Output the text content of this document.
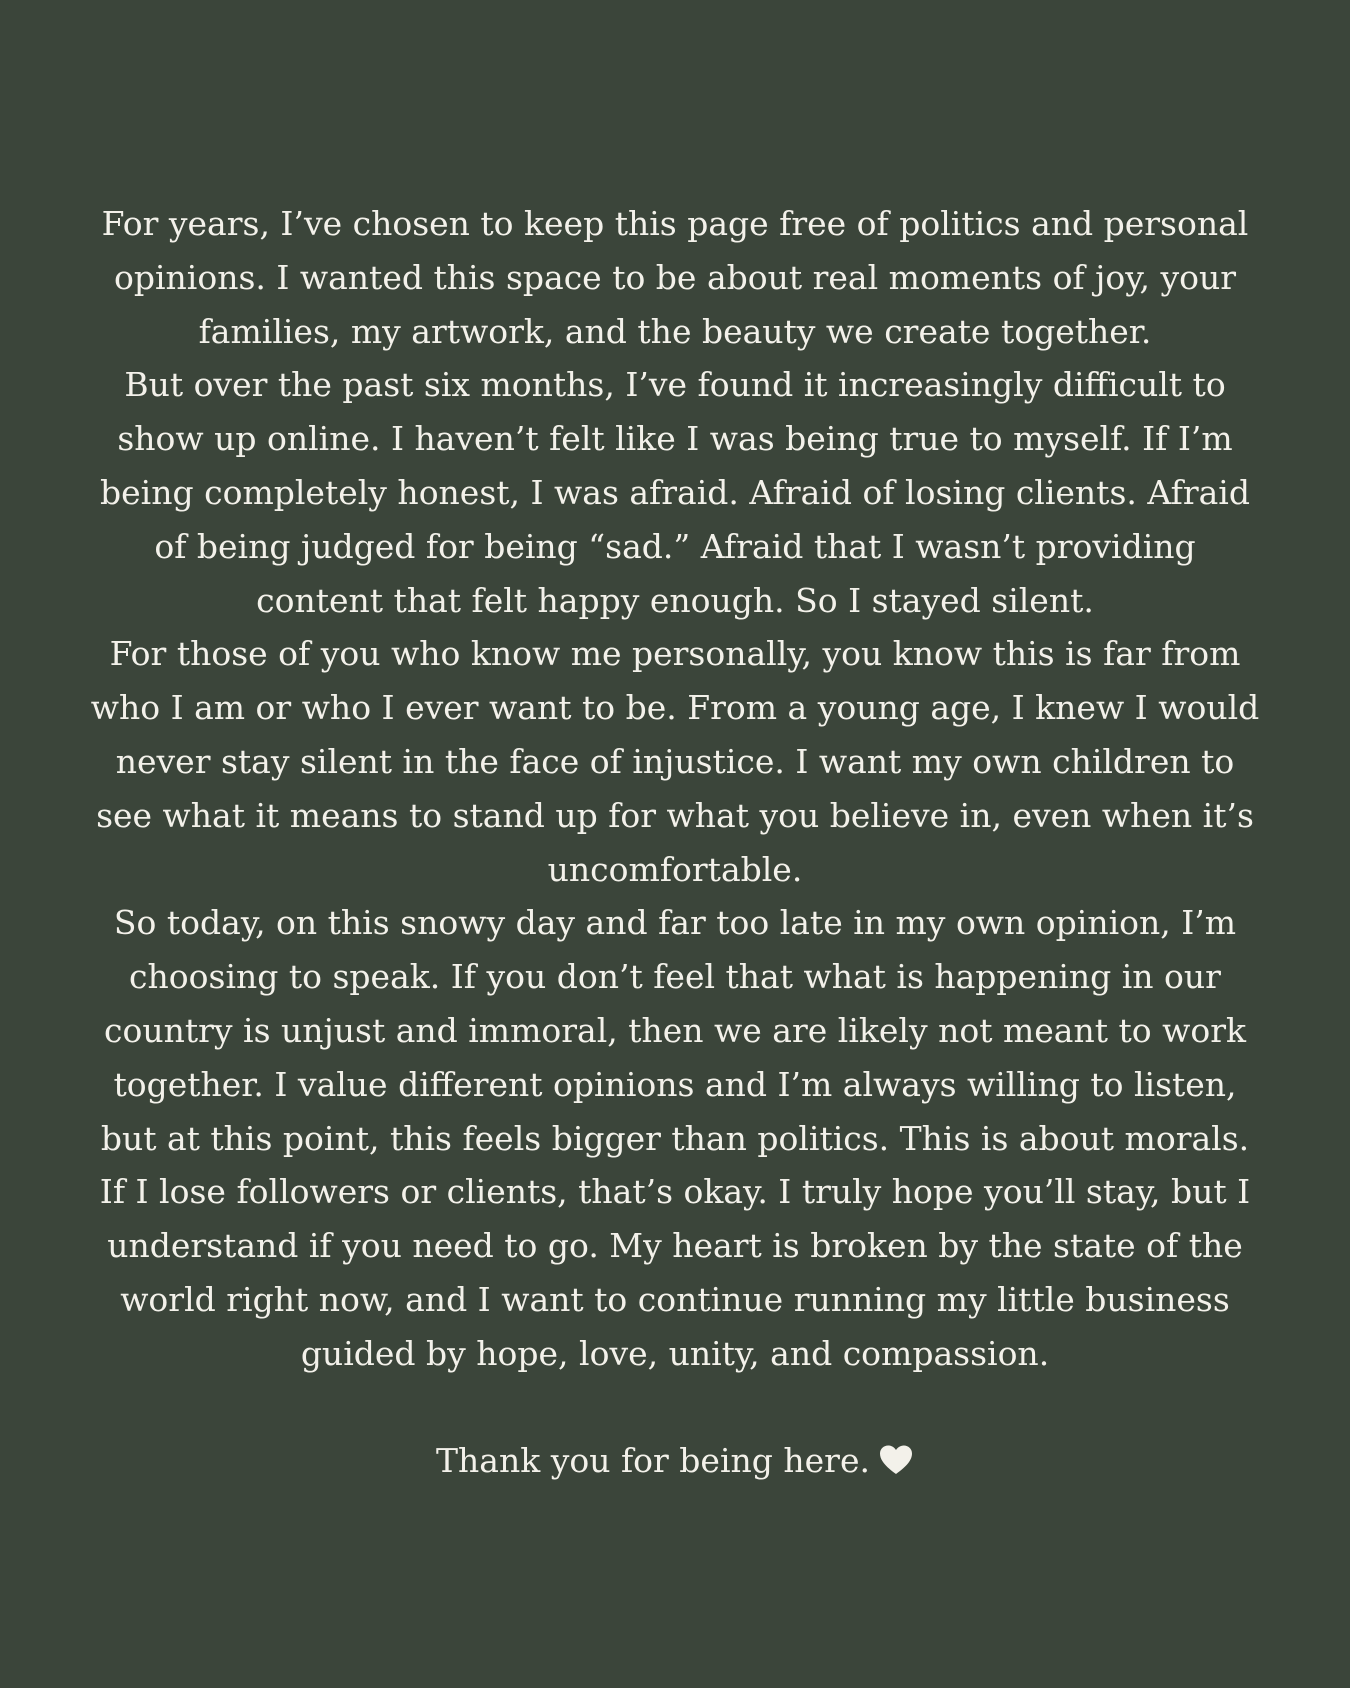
For years, I’ve chosen to keep this page free of politics and personal opinions. I wanted this space to be about real moments of joy, your families, my artwork, and the beauty we create together.

But over the past six months, I’ve found it increasingly difficult to show up online. I haven’t felt like I was being true to myself. If I’m being completely honest, I was afraid. Afraid of losing clients. Afraid of being judged for being “sad.” Afraid that I wasn’t providing content that felt happy enough. So I stayed silent.

For those of you who know me personally, you know this is far from who I am or who I ever want to be. From a young age, I knew I would never stay silent in the face of injustice. I want my own children to see what it means to stand up for what you believe in, even when it’s uncomfortable.

So today, on this snowy day and far too late in my own opinion, I’m choosing to speak. If you don’t feel that what is happening in our country is unjust and immoral, then we are likely not meant to work together. I value different opinions and I’m always willing to listen, but at this point, this feels bigger than politics. This is about morals.

If I lose followers or clients, that’s okay. I truly hope you’ll stay, but I understand if you need to go. My heart is broken by the state of the world right now, and I want to continue running my little business guided by hope, love, unity, and compassion.

Thank you for being here.
